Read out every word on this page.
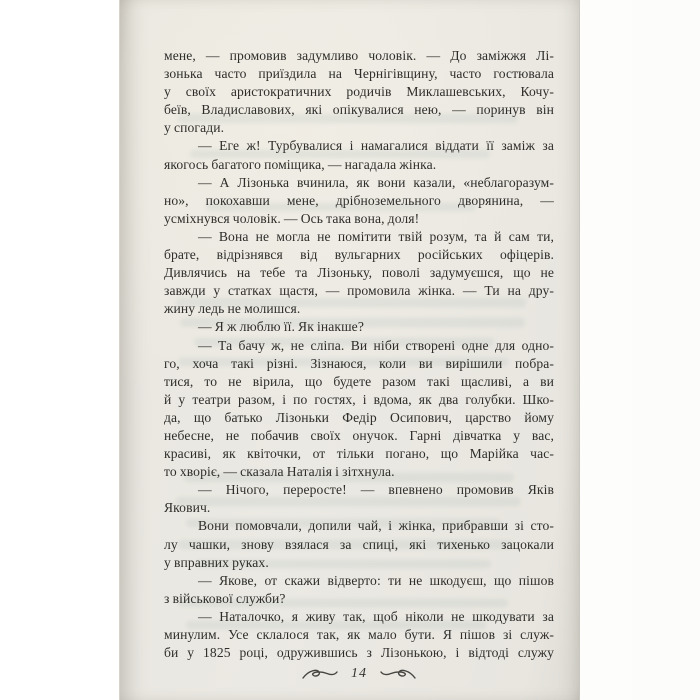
мене, — промовив задумливо чоловік. — До заміжжя Лі-
зонька часто приїздила на Чернігівщину, часто гостювала
у своїх аристократичних родичів Миклашевських, Кочу-
беїв, Владиславових, які опікувалися нею, — поринув він
у спогади.
— Еге ж! Турбувалися і намагалися віддати її заміж за
якогось багатого поміщика, — нагадала жінка.
— А Лізонька вчинила, як вони казали, «неблагоразум-
но», покохавши мене, дрібноземельного дворянина, —
усміхнувся чоловік. — Ось така вона, доля!
— Вона не могла не помітити твій розум, та й сам ти,
брате, відрізнявся від вульгарних російських офіцерів.
Дивлячись на тебе та Лізоньку, поволі задумуєшся, що не
завжди у статках щастя, — промовила жінка. — Ти на дру-
жину ледь не молишся.
— Я ж люблю її. Як інакше?
— Та бачу ж, не сліпа. Ви ніби створені одне для одно-
го, хоча такі різні. Зізнаюся, коли ви вирішили побра-
тися, то не вірила, що будете разом такі щасливі, а ви
й у театри разом, і по гостях, і вдома, як два голубки. Шко-
да, що батько Лізоньки Федір Осипович, царство йому
небесне, не побачив своїх онучок. Гарні дівчатка у вас,
красиві, як квіточки, от тільки погано, що Марійка час-
то хворіє, — сказала Наталія і зітхнула.
— Нічого, переросте! — впевнено промовив Яків
Якович.
Вони помовчали, допили чай, і жінка, прибравши зі сто-
лу чашки, знову взялася за спиці, які тихенько зацокали
у вправних руках.
— Якове, от скажи відверто: ти не шкодуєш, що пішов
з військової служби?
— Наталочко, я живу так, щоб ніколи не шкодувати за
минулим. Усе склалося так, як мало бути. Я пішов зі служ-
би у 1825 році, одружившись з Лізонькою, і відтоді служу
14
